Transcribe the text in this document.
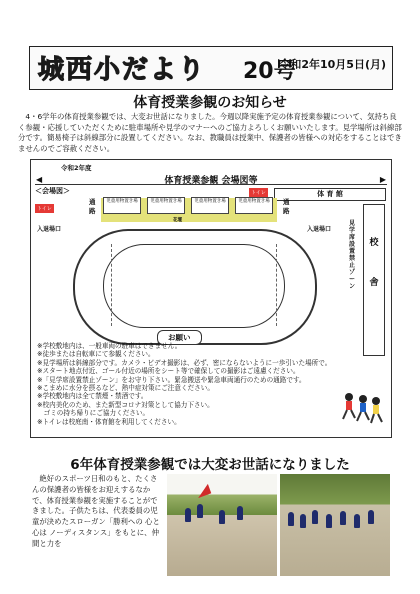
城西小だより 20号
令和2年10月5日(月)
体育授業参観のお知らせ
4・6学年の体育授業参観では、大変お世話になりました。今週以降実施予定の体育授業参観について、気持ち良く参観・応援していただくために駐車場所や見学のマナーへのご協力よろしくお願いいたします。見学場所は斜線部分です。簡易椅子は斜線部分に設置してください。なお、教職員は授業中、保護者の皆様への対応をすることはできませんのでご容赦ください。
令和2年度
体育授業参観 会場図等
◀	▶
＜会場図＞
トイレ
トイレ	体 育 館
児童用物置き場	児童用物置き場	児童用物置き場	児童用物置き場
花壇
通路
通路
入退場口	入退場口
見学席設置禁止ゾーン
校 舎
お願い
※学校敷地内は、一般車両の駐車はできません。
※徒歩または自転車にて参観ください。
※見学場所は斜線部分です。カメラ・ビデオ撮影は、必ず、密にならないように一歩引いた場所で。
※スタート地点付近、ゴール付近の場所をシート等で確保しての撮影はご遠慮ください。
※「見学席設置禁止ゾーン」をお守り下さい。緊急搬送や緊急車両通行のための通路です。
※こまめに水分を摂るなど、熱中症対策にご注意ください。
※学校敷地内は全て禁煙・禁酒です。
※校内美化のため、また新型コロナ対策として協力下さい。
　ゴミの持ち帰りにご協力ください。
※トイレは校庭南・体育館を利用してください。
6年体育授業参観では大変お世話になりました
絶好のスポーツ日和のもと、たくさんの保護者の皆様をお迎えするなかで、体育授業参観を実施することができました。子供たちは、代表委員の児童が決めたスローガン「勝利への 心と心は ノーディスタンス」をもとに、仲間と力を
